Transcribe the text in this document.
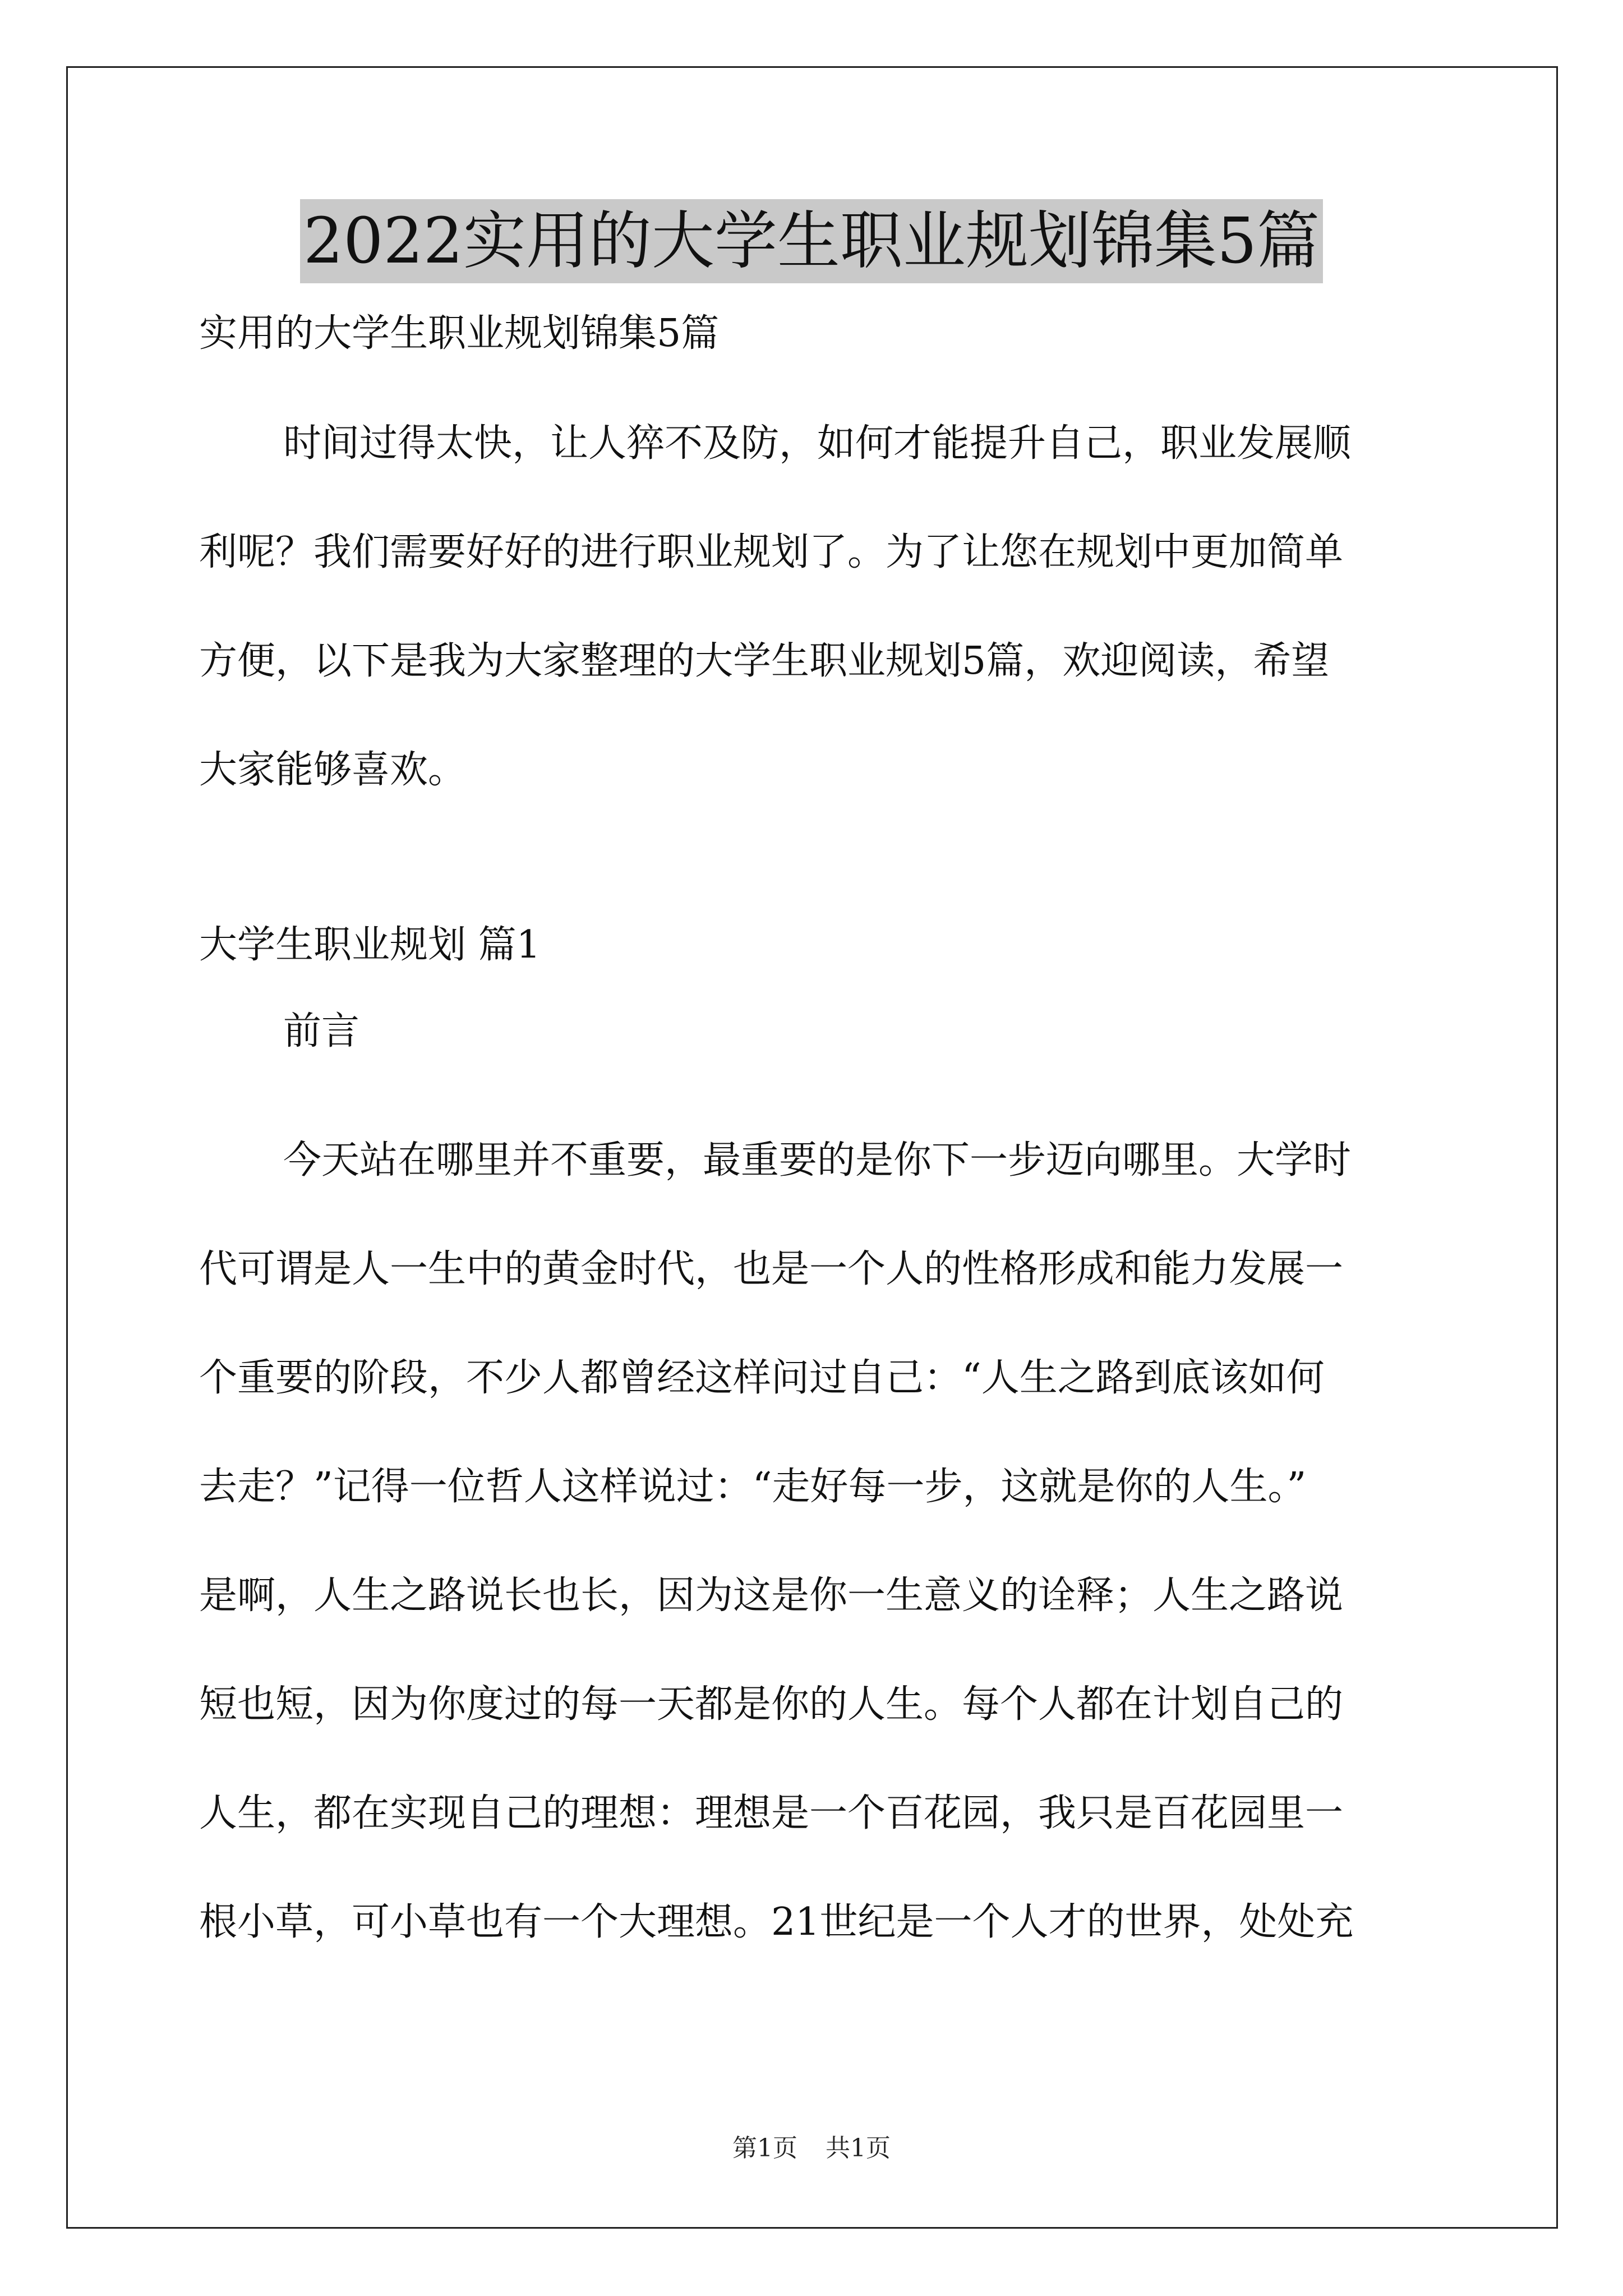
2022实用的大学生职业规划锦集5篇

实用的大学生职业规划锦集5篇

时间过得太快，让人猝不及防，如何才能提升自己，职业发展顺

利呢？我们需要好好的进行职业规划了。为了让您在规划中更加简单

方便，以下是我为大家整理的大学生职业规划5篇，欢迎阅读，希望

大家能够喜欢。

大学生职业规划 篇1

前言

今天站在哪里并不重要，最重要的是你下一步迈向哪里。大学时

代可谓是人一生中的黄金时代，也是一个人的性格形成和能力发展一

个重要的阶段，不少人都曾经这样问过自己：“人生之路到底该如何

去走？”记得一位哲人这样说过：“走好每一步，这就是你的人生。”

是啊，人生之路说长也长，因为这是你一生意义的诠释；人生之路说

短也短，因为你度过的每一天都是你的人生。每个人都在计划自己的

人生，都在实现自己的理想：理想是一个百花园，我只是百花园里一

根小草，可小草也有一个大理想。21世纪是一个人才的世界，处处充

第1页 共1页
